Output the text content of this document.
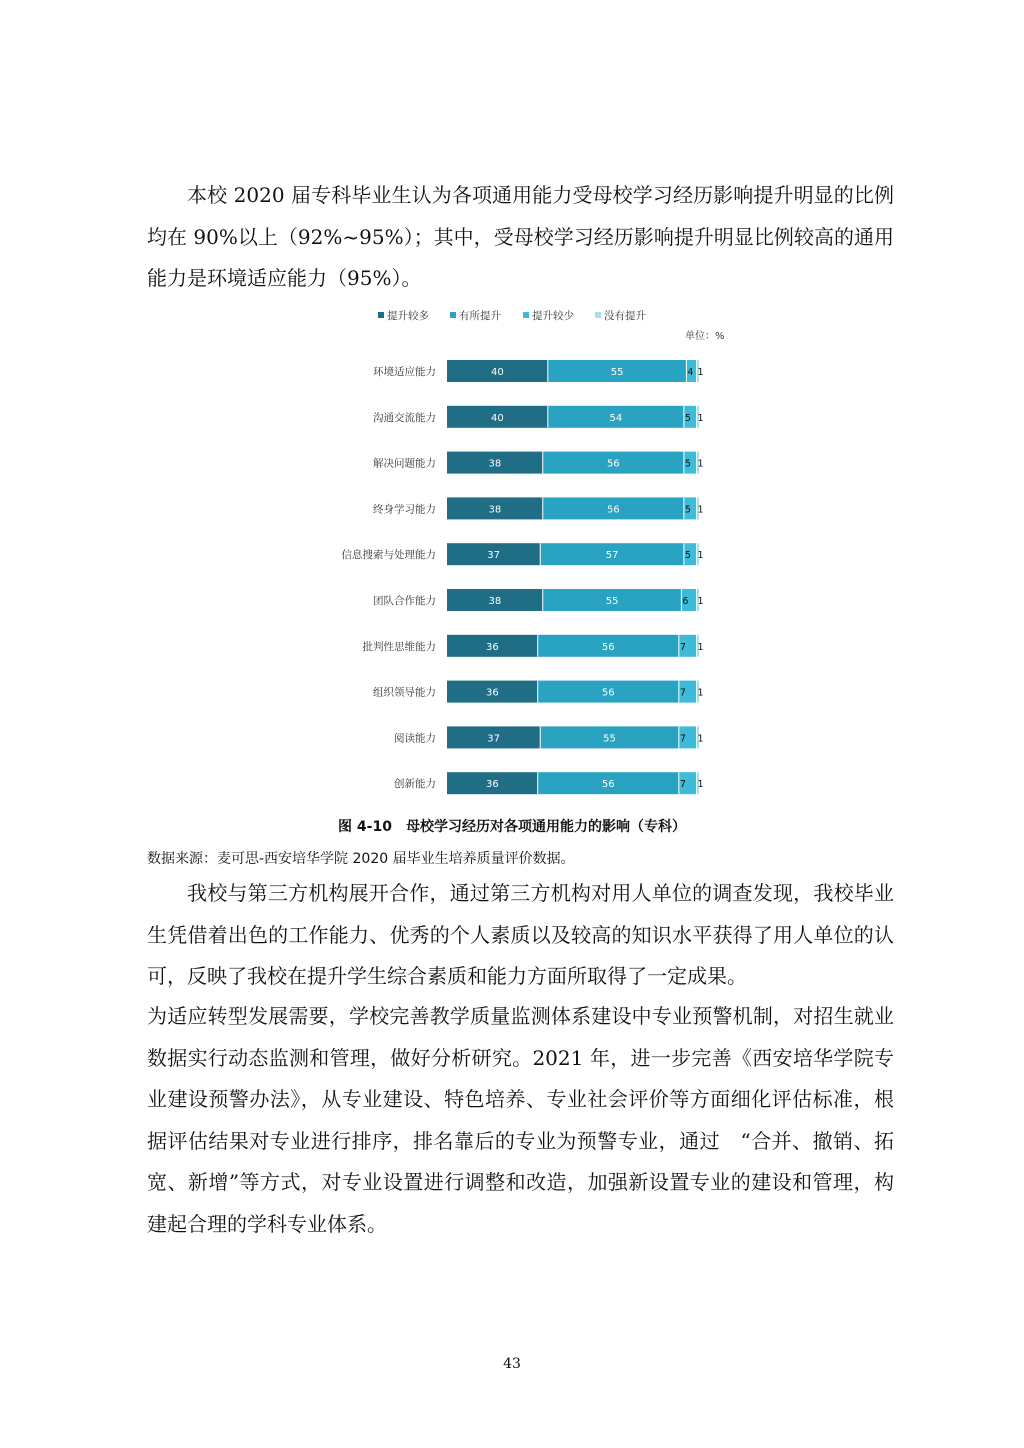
本校 2020 届专科毕业生认为各项通用能力受母校学习经历影响提升明显的比例均在 90%以上（92%~95%）；其中，受母校学习经历影响提升明显比例较高的通用能力是环境适应能力（95%）。

提升较多	有所提升	提升较少	没有提升
单位：%
环境适应能力	40	55	4 1
沟通交流能力	40	54	5 1
解决问题能力	38	56	5 1
终身学习能力	38	56	5 1
信息搜索与处理能力	37	57	5 1
团队合作能力	38	55	6 1
批判性思维能力	36	56	7 1
组织领导能力	36	56	7 1
阅读能力	37	55	7 1
创新能力	36	56	7 1

图 4-10　母校学习经历对各项通用能力的影响（专科）

数据来源：麦可思-西安培华学院 2020 届毕业生培养质量评价数据。

我校与第三方机构展开合作，通过第三方机构对用人单位的调查发现，我校毕业生凭借着出色的工作能力、优秀的个人素质以及较高的知识水平获得了用人单位的认可，反映了我校在提升学生综合素质和能力方面所取得了一定成果。

为适应转型发展需要，学校完善教学质量监测体系建设中专业预警机制，对招生就业数据实行动态监测和管理，做好分析研究。2021 年，进一步完善《西安培华学院专业建设预警办法》，从专业建设、特色培养、专业社会评价等方面细化评估标准，根据评估结果对专业进行排序，排名靠后的专业为预警专业，通过　“合并、撤销、拓宽、新增”等方式，对专业设置进行调整和改造，加强新设置专业的建设和管理，构建起合理的学科专业体系。

43
